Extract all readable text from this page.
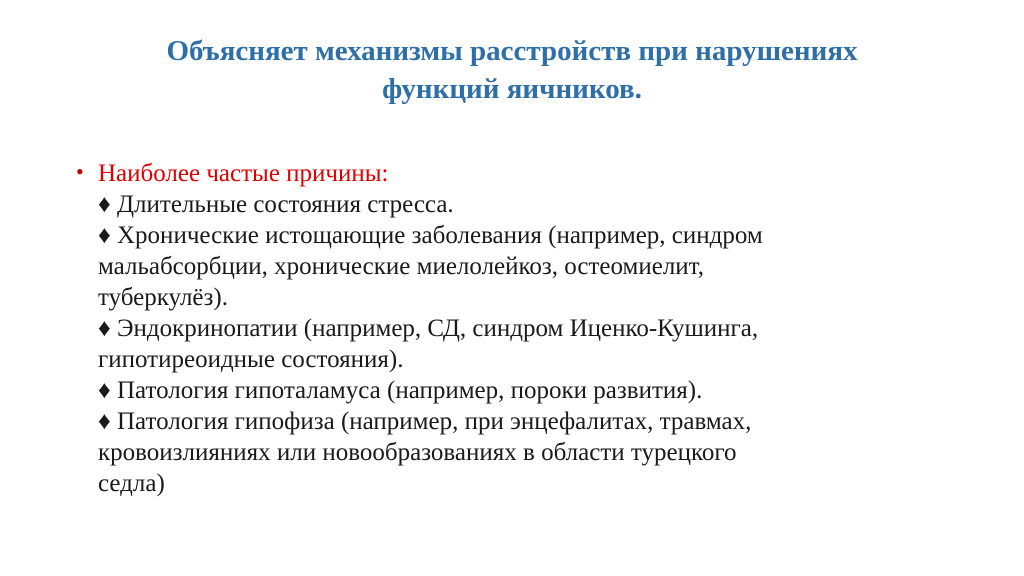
Объясняет механизмы расстройств при нарушениях
функций яичников.
• Наиболее частые причины:
♦ Длительные состояния стресса.
♦ Хронические истощающие заболевания (например, синдром
мальабсорбции, хронические миелолейкоз, остеомиелит,
туберкулёз).
♦ Эндокринопатии (например, СД, синдром Иценко-Кушинга,
гипотиреоидные состояния).
♦ Патология гипоталамуса (например, пороки развития).
♦ Патология гипофиза (например, при энцефалитах, травмах,
кровоизлияниях или новообразованиях в области турецкого
седла)
